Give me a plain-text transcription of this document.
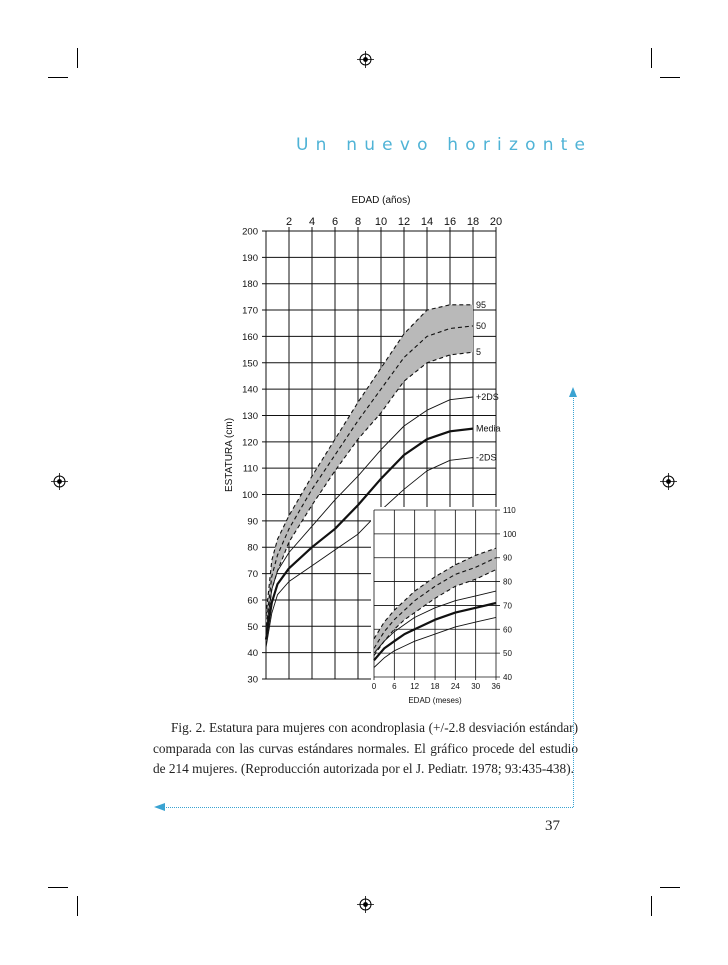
Un nuevo horizonte
30
40
50
60
70
80
90
100
110
120
130
140
150
160
170
180
190
200
2 4 6 8 10 12 14 16 18 20
EDAD (años)
ESTATURA (cm)
95
50
5
+2DS
Media
-2DS
40
50
60
70
80
90
100
110
0 6 12 18 24 30 36
EDAD (meses)
Fig. 2. Estatura para mujeres con acondroplasia (+/-2.8 desviación estándar) comparada con las curvas estándares normales. El gráfico procede del estudio de 214 mujeres. (Reproducción autorizada por el J. Pediatr. 1978; 93:435-438).
37
